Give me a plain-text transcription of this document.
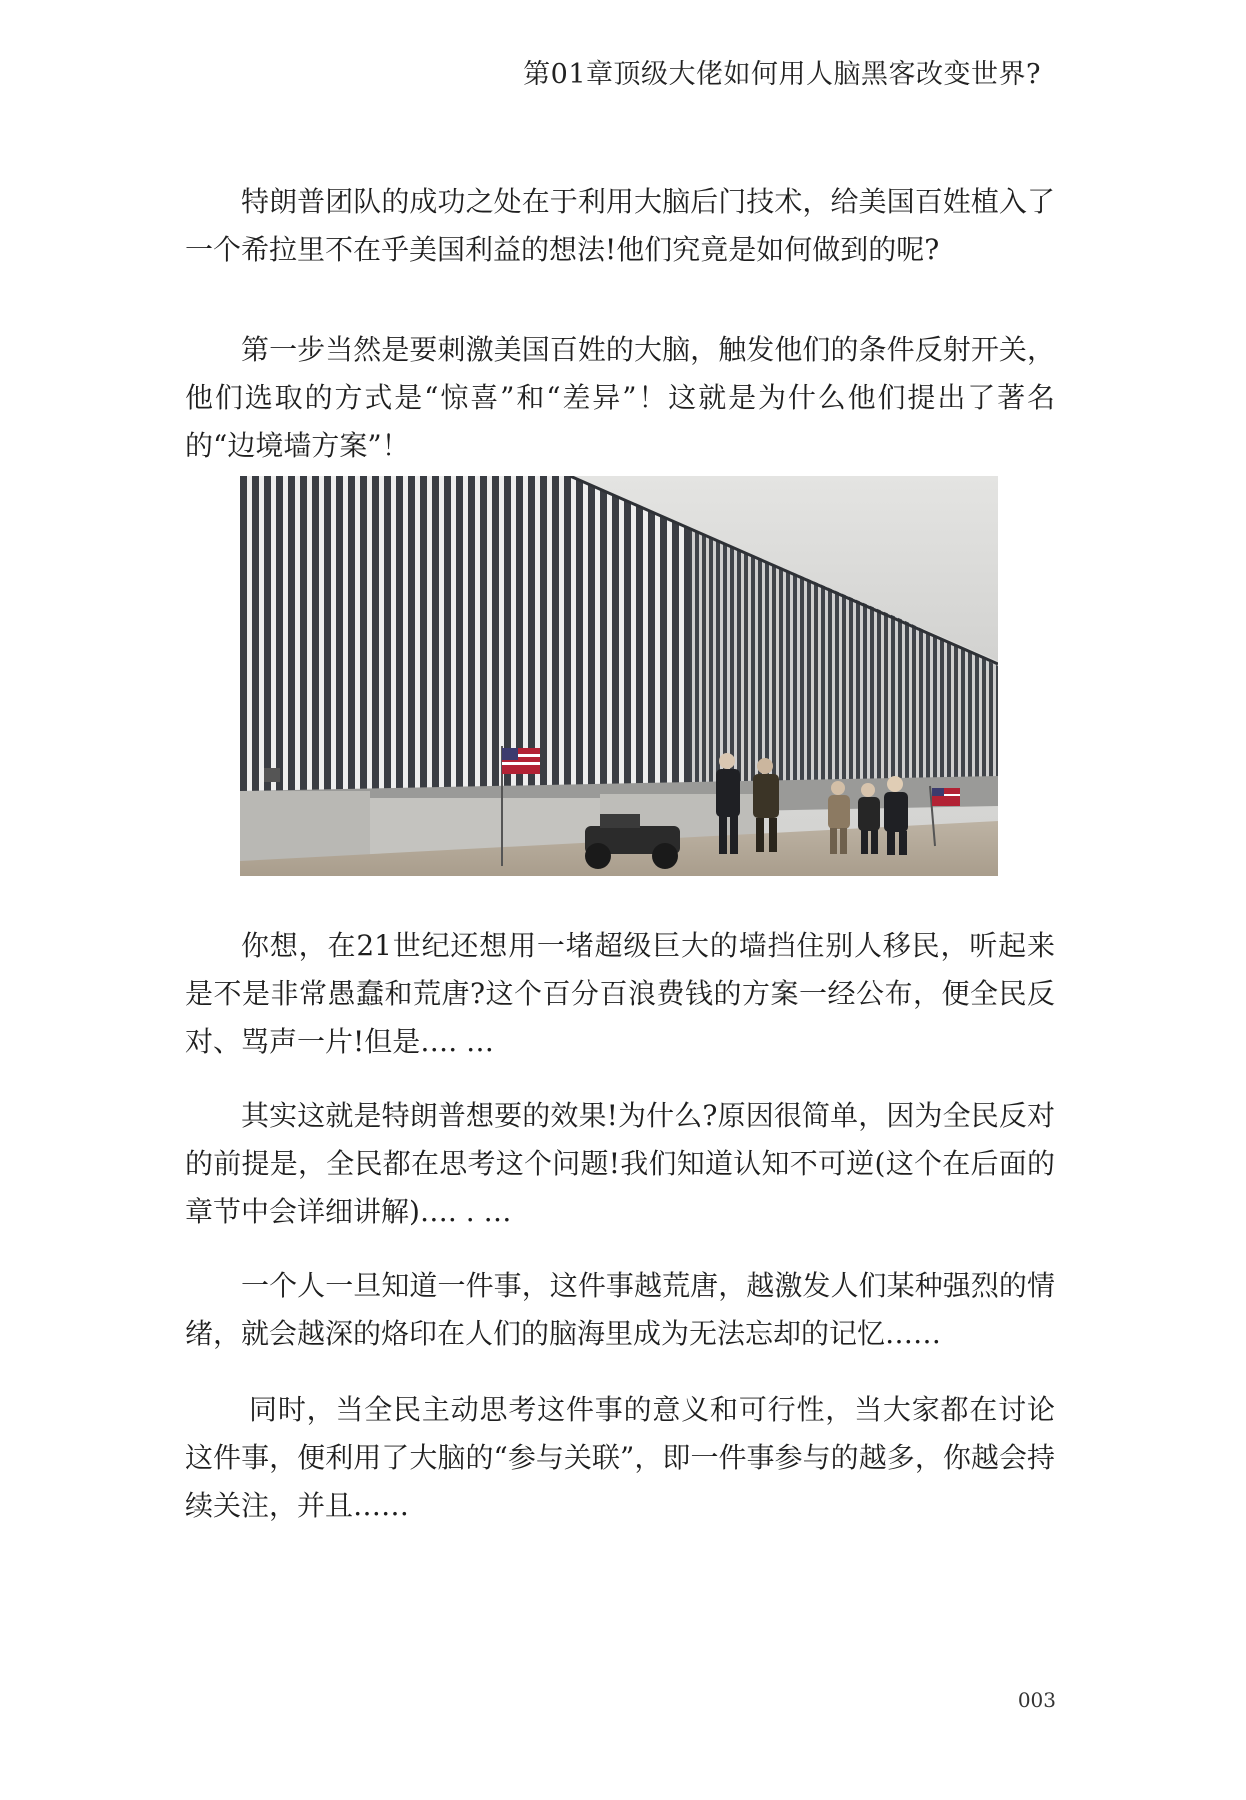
第01章顶级大佬如何用人脑黑客改变世界?

特朗普团队的成功之处在于利用大脑后门技术，给美国百姓植入了一个希拉里不在乎美国利益的想法!他们究竟是如何做到的呢?

第一步当然是要刺激美国百姓的大脑，触发他们的条件反射开关，他们选取的方式是“惊喜”和“差异”！这就是为什么他们提出了著名的“边境墙方案”！

你想，在21世纪还想用一堵超级巨大的墙挡住别人移民，听起来是不是非常愚蠢和荒唐?这个百分百浪费钱的方案一经公布，便全民反对、骂声一片!但是…. …

其实这就是特朗普想要的效果!为什么?原因很简单，因为全民反对的前提是，全民都在思考这个问题!我们知道认知不可逆(这个在后面的章节中会详细讲解)…. . …

一个人一旦知道一件事，这件事越荒唐，越激发人们某种强烈的情绪，就会越深的烙印在人们的脑海里成为无法忘却的记忆……

同时，当全民主动思考这件事的意义和可行性，当大家都在讨论这件事，便利用了大脑的“参与关联”，即一件事参与的越多，你越会持续关注，并且……

003
